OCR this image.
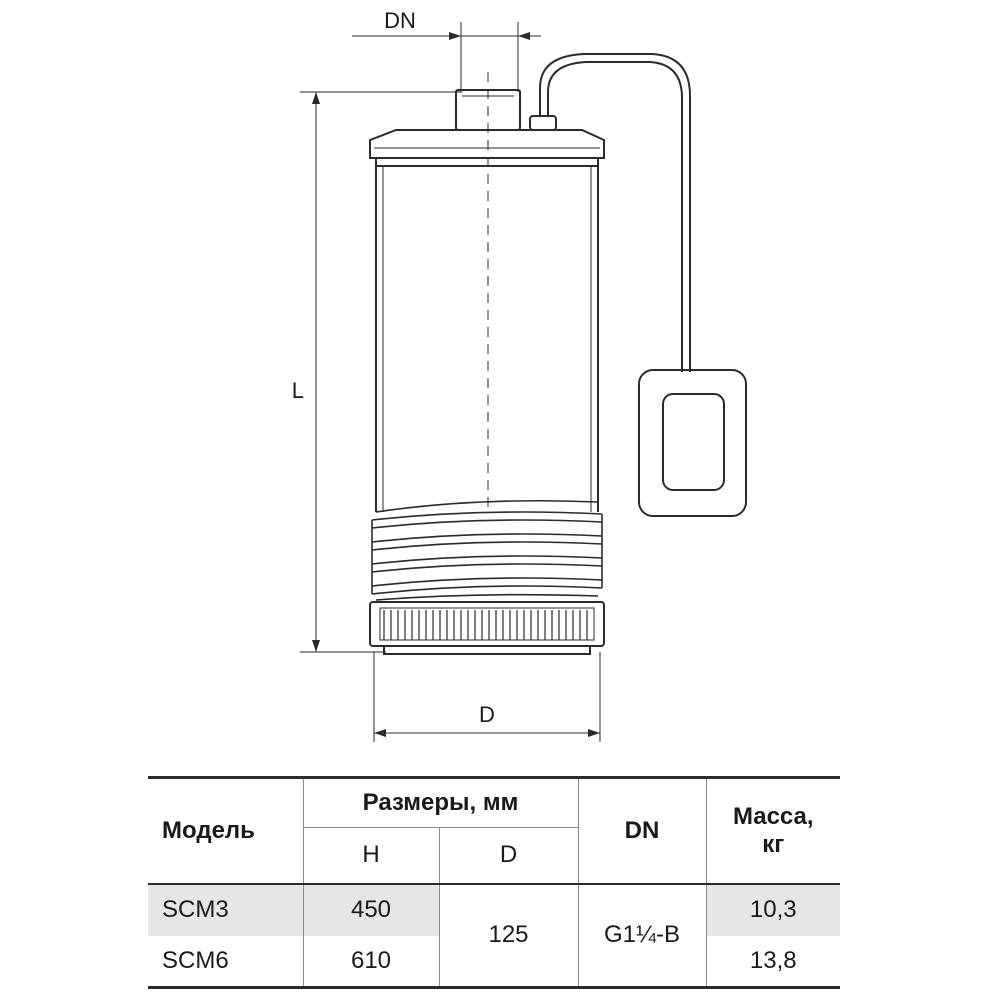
DN
L
D
Модель	Размеры, мм		DN	Масса,
кг

	H	D		
SCM3	450	125	G1¼-B	10,3
SCM6	610			13,8
